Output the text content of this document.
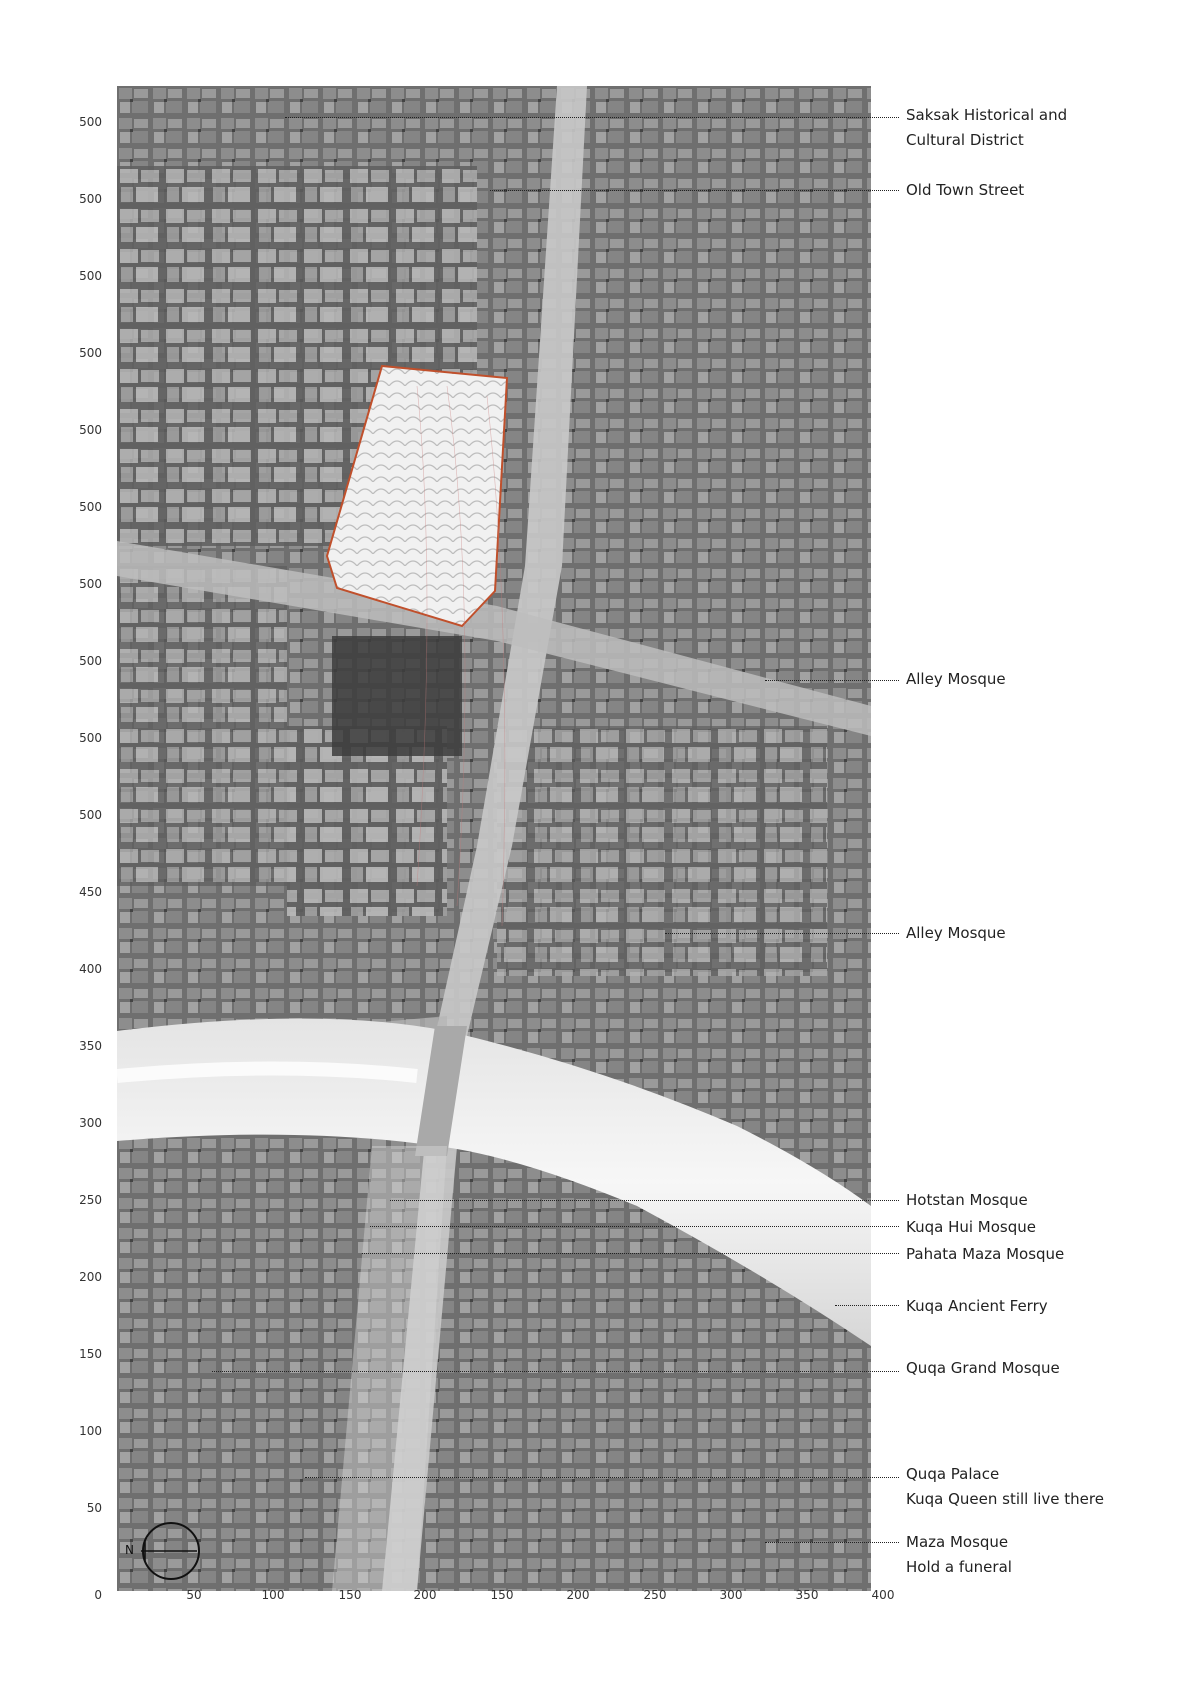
500
500
500
500
500
500
500
500
500
500
450
400
350
300
250
200
150
100
50
0	50	100	150	200	150	200	250	300	350	400
Saksak Historical and
Cultural District
Old Town Street
Alley Mosque
Alley Mosque
Hotstan Mosque
Kuqa Hui Mosque
Pahata Maza Mosque
Kuqa Ancient Ferry
Quqa Grand Mosque
Quqa Palace
Kuqa Queen still live there
Maza Mosque
Hold a funeral
N
